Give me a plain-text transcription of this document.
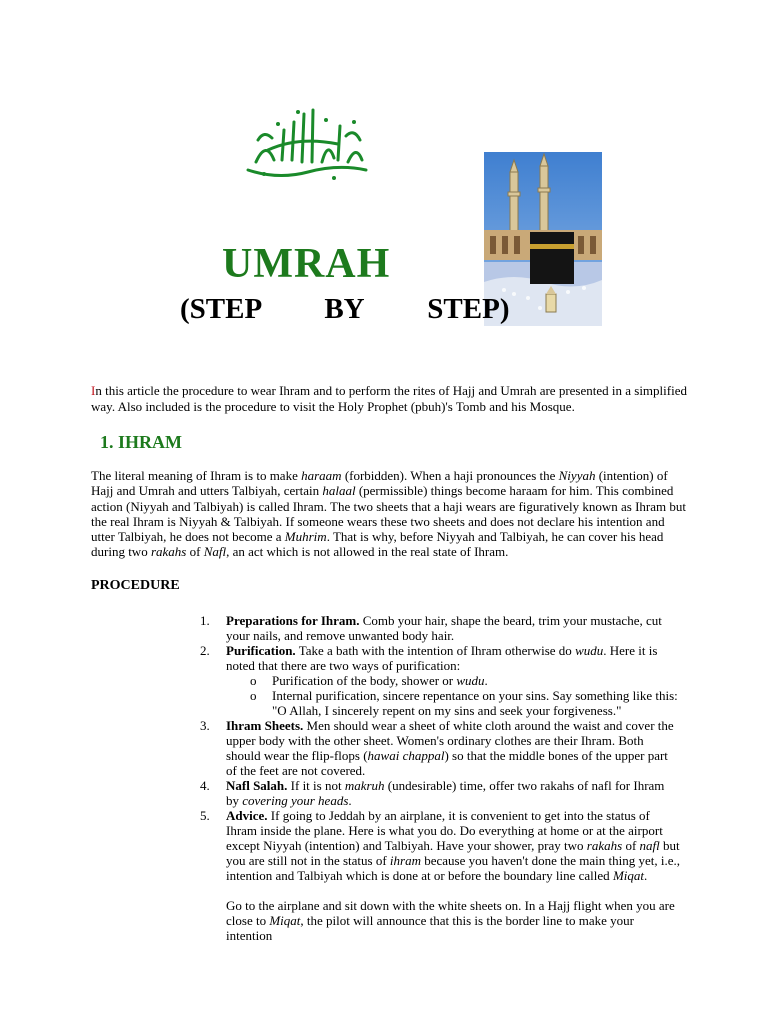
UMRAH
(STEP   BY   STEP)

In this article the procedure to wear Ihram and to perform the rites of Hajj and Umrah are presented in a simplified way. Also included is the procedure to visit the Holy Prophet (pbuh)'s Tomb and his Mosque.

1. IHRAM

The literal meaning of Ihram is to make haraam (forbidden). When a haji pronounces the Niyyah (intention) of Hajj and Umrah and utters Talbiyah, certain halaal (permissible) things become haraam for him. This combined action (Niyyah and Talbiyah) is called Ihram. The two sheets that a haji wears are figuratively known as Ihram but the real Ihram is Niyyah & Talbiyah. If someone wears these two sheets and does not declare his intention and utter Talbiyah, he does not become a Muhrim. That is why, before Niyyah and Talbiyah, he can cover his head during two rakahs of Nafl, an act which is not allowed in the real state of Ihram.

PROCEDURE
1. Preparations for Ihram. Comb your hair, shape the beard, trim your mustache, cut your nails, and remove unwanted body hair.
2. Purification. Take a bath with the intention of Ihram otherwise do wudu. Here it is noted that there are two ways of purification:
o Purification of the body, shower or wudu.
o Internal purification, sincere repentance on your sins. Say something like this: "O Allah, I sincerely repent on my sins and seek your forgiveness."
3. Ihram Sheets. Men should wear a sheet of white cloth around the waist and cover the upper body with the other sheet. Women's ordinary clothes are their Ihram. Both should wear the flip-flops (hawai chappal) so that the middle bones of the upper part of the feet are not covered.
4. Nafl Salah. If it is not makruh (undesirable) time, offer two rakahs of nafl for Ihram by covering your heads.
5. Advice. If going to Jeddah by an airplane, it is convenient to get into the status of Ihram inside the plane. Here is what you do. Do everything at home or at the airport except Niyyah (intention) and Talbiyah. Have your shower, pray two rakahs of nafl but you are still not in the status of ihram because you haven't done the main thing yet, i.e., intention and Talbiyah which is done at or before the boundary line called Miqat.

Go to the airplane and sit down with the white sheets on. In a Hajj flight when you are close to Miqat, the pilot will announce that this is the border line to make your intention
